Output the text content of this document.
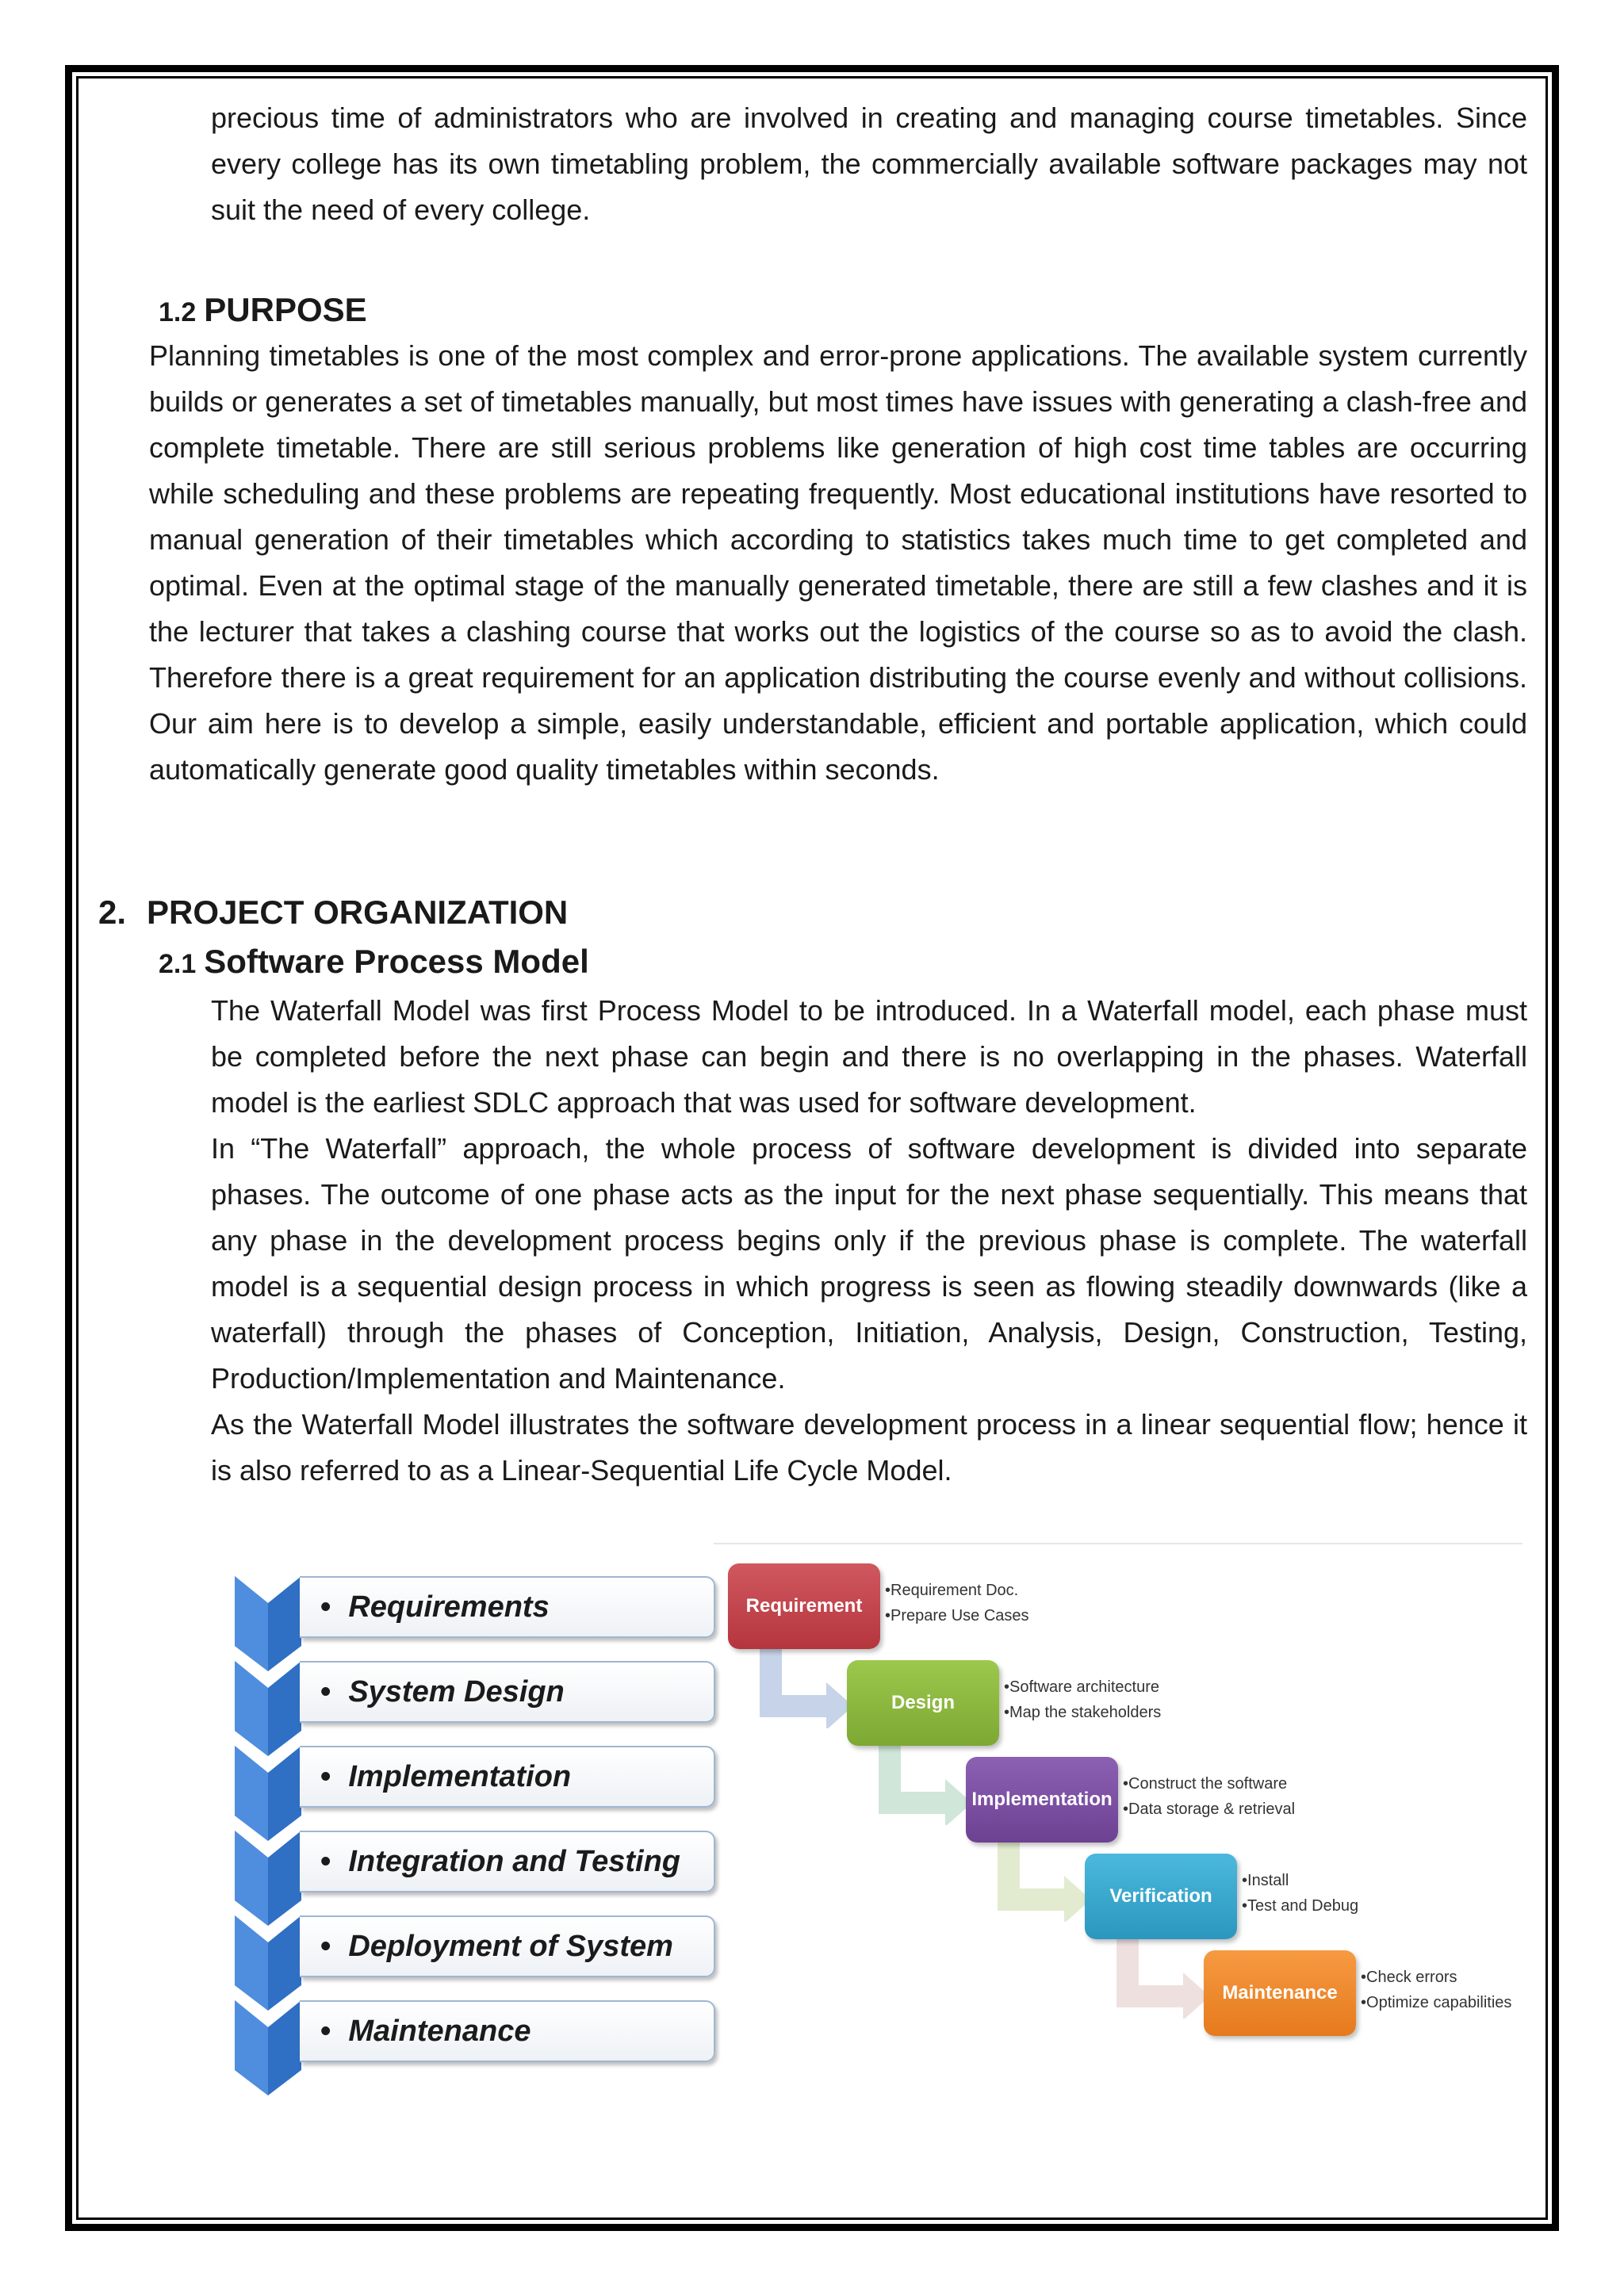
precious time of administrators who are involved in creating and managing course timetables. Since every college has its own timetabling problem, the commercially available software packages may not suit the need of every college.

1.2 PURPOSE

Planning timetables is one of the most complex and error-prone applications. The available system currently builds or generates a set of timetables manually, but most times have issues with generating a clash-free and complete timetable. There are still serious problems like generation of high cost time tables are occurring while scheduling and these problems are repeating frequently. Most educational institutions have resorted to manual generation of their timetables which according to statistics takes much time to get completed and optimal. Even at the optimal stage of the manually generated timetable, there are still a few clashes and it is the lecturer that takes a clashing course that works out the logistics of the course so as to avoid the clash. Therefore there is a great requirement for an application distributing the course evenly and without collisions. Our aim here is to develop a simple, easily understandable, efficient and portable application, which could automatically generate good quality timetables within seconds.

2. PROJECT ORGANIZATION
2.1 Software Process Model

The Waterfall Model was first Process Model to be introduced. In a Waterfall model, each phase must be completed before the next phase can begin and there is no overlapping in the phases. Waterfall model is the earliest SDLC approach that was used for software development.

In “The Waterfall” approach, the whole process of software development is divided into separate phases. The outcome of one phase acts as the input for the next phase sequentially. This means that any phase in the development process begins only if the previous phase is complete. The waterfall model is a sequential design process in which progress is seen as flowing steadily downwards (like a waterfall) through the phases of Conception, Initiation, Analysis, Design, Construction, Testing, Production/Implementation and Maintenance.

As the Waterfall Model illustrates the software development process in a linear sequential flow; hence it is also referred to as a Linear-Sequential Life Cycle Model.

• Requirements
• System Design
• Implementation
• Integration and Testing
• Deployment of System
• Maintenance
Requirement
•Requirement Doc.
•Prepare Use Cases
Design
•Software architecture
•Map the stakeholders
Implementation
•Construct the software
•Data storage & retrieval
Verification
•Install
•Test and Debug
Maintenance
•Check errors
•Optimize capabilities
